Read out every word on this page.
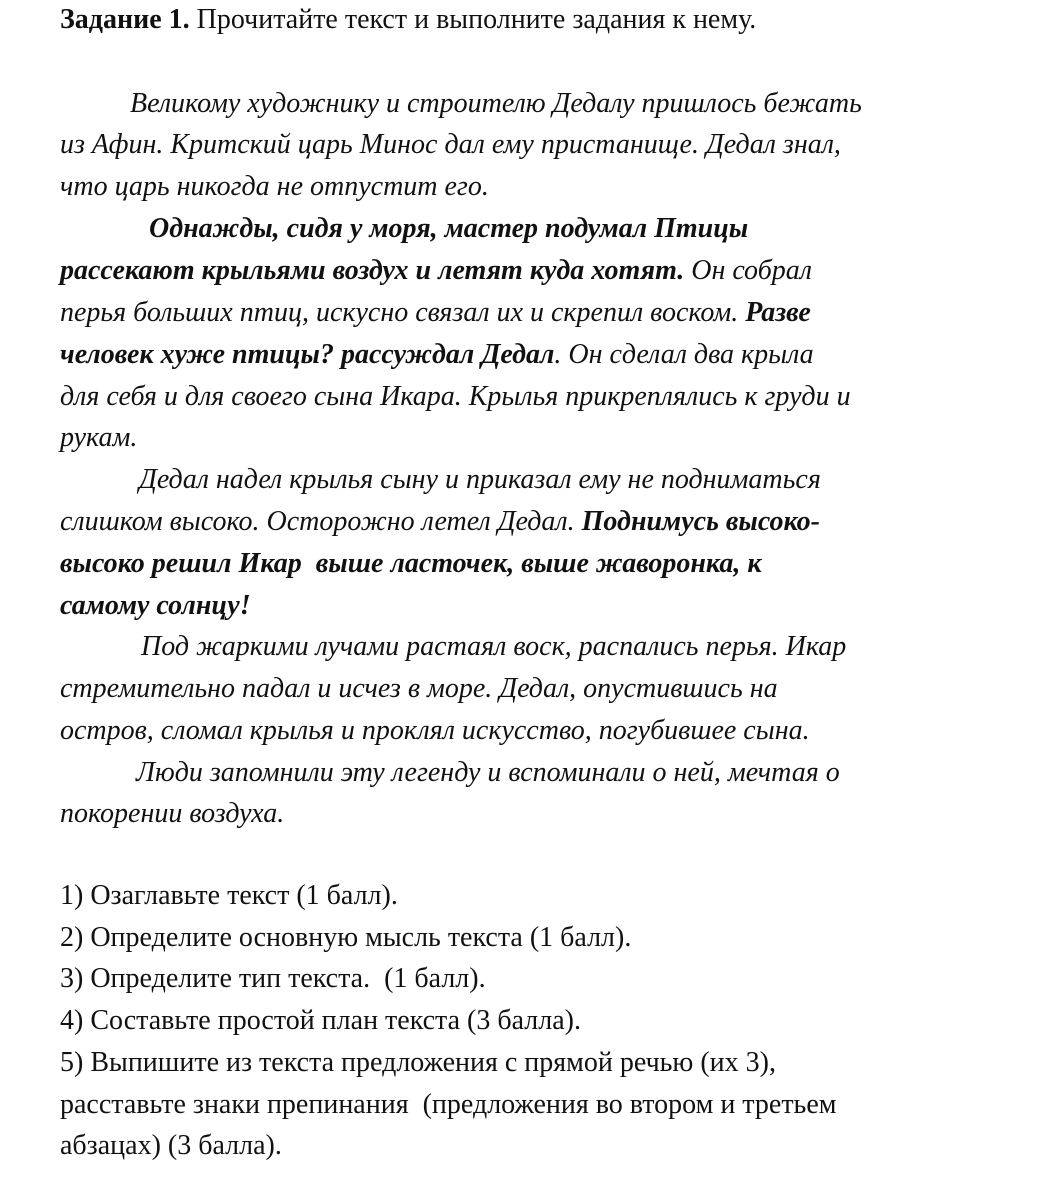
Задание 1. Прочитайте текст и выполните задания к нему.
Великому художнику и строителю Дедалу пришлось бежать
из Афин. Критский царь Минос дал ему пристанище. Дедал знал,
что царь никогда не отпустит его.
Однажды, сидя у моря, мастер подумал Птицы
рассекают крыльями воздух и летят куда хотят. Он собрал
перья больших птиц, искусно связал их и скрепил воском. Разве
человек хуже птицы? рассуждал Дедал. Он сделал два крыла
для себя и для своего сына Икара. Крылья прикреплялись к груди и
рукам.
Дедал надел крылья сыну и приказал ему не подниматься
слишком высоко. Осторожно летел Дедал. Поднимусь высоко-
высоко решил Икар  выше ласточек, выше жаворонка, к
самому солнцу!
Под жаркими лучами растаял воск, распались перья. Икар
стремительно падал и исчез в море. Дедал, опустившись на
остров, сломал крылья и проклял искусство, погубившее сына.
Люди запомнили эту легенду и вспоминали о ней, мечтая о
покорении воздуха.
1) Озаглавьте текст (1 балл).
2) Определите основную мысль текста (1 балл).
3) Определите тип текста.  (1 балл).
4) Составьте простой план текста (3 балла).
5) Выпишите из текста предложения с прямой речью (их 3),
расставьте знаки препинания  (предложения во втором и третьем
абзацах) (3 балла).
